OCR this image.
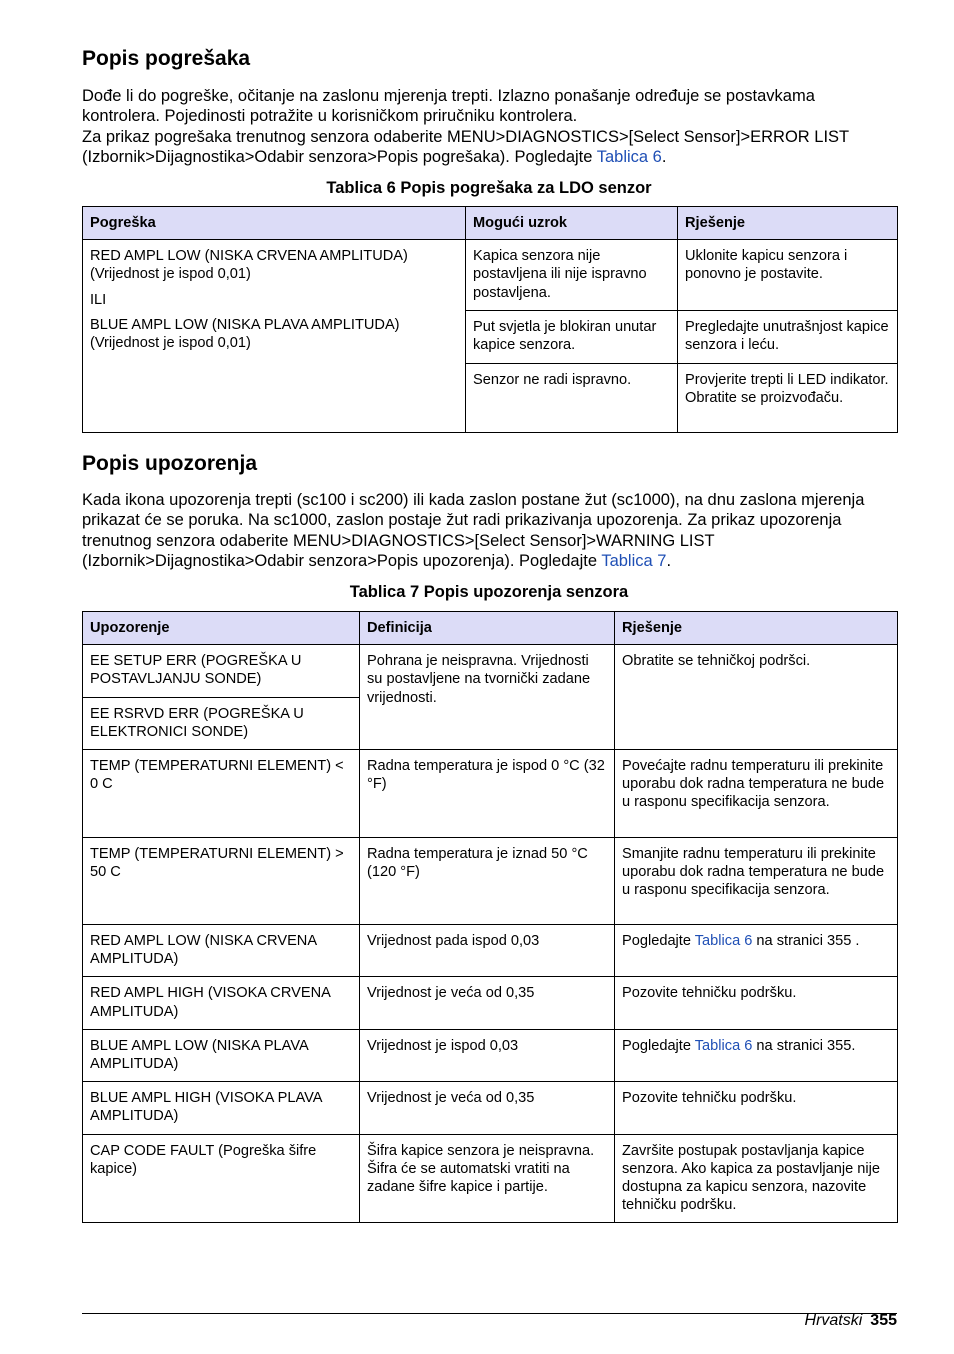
Popis pogrešaka

Dođe li do pogreške, očitanje na zaslonu mjerenja trepti. Izlazno ponašanje određuje se postavkama kontrolera. Pojedinosti potražite u korisničkom priručniku kontrolera.

Za prikaz pogrešaka trenutnog senzora odaberite MENU>DIAGNOSTICS>[Select Sensor]>ERROR LIST (Izbornik>Dijagnostika>Odabir senzora>Popis pogrešaka). Pogledajte Tablica 6.

Tablica 6 Popis pogrešaka za LDO senzor
Pogreška	Mogući uzrok	Rješenje

RED AMPL LOW (NISKA CRVENA AMPLITUDA) (Vrijednost je ispod 0,01)

ILI

BLUE AMPL LOW (NISKA PLAVA AMPLITUDA) (Vrijednost je ispod 0,01)	Kapica senzora nije postavljena ili nije ispravno postavljena.	Uklonite kapicu senzora i ponovno je postavite.
	Put svjetla je blokiran unutar kapice senzora.	Pregledajte unutrašnjost kapice senzora i leću.
	Senzor ne radi ispravno.	Provjerite trepti li LED indikator. Obratite se proizvođaču.
Popis upozorenja

Kada ikona upozorenja trepti (sc100 i sc200) ili kada zaslon postane žut (sc1000), na dnu zaslona mjerenja prikazat će se poruka. Na sc1000, zaslon postaje žut radi prikazivanja upozorenja. Za prikaz upozorenja trenutnog senzora odaberite MENU>DIAGNOSTICS>[Select Sensor]>WARNING LIST (Izbornik>Dijagnostika>Odabir senzora>Popis upozorenja). Pogledajte Tablica 7.

Tablica 7 Popis upozorenja senzora
Upozorenje	Definicija	Rješenje
EE SETUP ERR (POGREŠKA U POSTAVLJANJU SONDE)	Pohrana je neispravna. Vrijednosti su postavljene na tvornički zadane vrijednosti.	Obratite se tehničkoj podršci.
EE RSRVD ERR (POGREŠKA U ELEKTRONICI SONDE)		
TEMP (TEMPERATURNI ELEMENT) < 0 C	Radna temperatura je ispod 0 °C (32 °F)	Povećajte radnu temperaturu ili prekinite uporabu dok radna temperatura ne bude u rasponu specifikacija senzora.
TEMP (TEMPERATURNI ELEMENT) > 50 C	Radna temperatura je iznad 50 °C (120 °F)	Smanjite radnu temperaturu ili prekinite uporabu dok radna temperatura ne bude u rasponu specifikacija senzora.
RED AMPL LOW (NISKA CRVENA AMPLITUDA)	Vrijednost pada ispod 0,03	Pogledajte Tablica 6 na stranici 355 .
RED AMPL HIGH (VISOKA CRVENA AMPLITUDA)	Vrijednost je veća od 0,35	Pozovite tehničku podršku.
BLUE AMPL LOW (NISKA PLAVA AMPLITUDA)	Vrijednost je ispod 0,03	Pogledajte Tablica 6 na stranici 355.
BLUE AMPL HIGH (VISOKA PLAVA AMPLITUDA)	Vrijednost je veća od 0,35	Pozovite tehničku podršku.
CAP CODE FAULT (Pogreška šifre kapice)	Šifra kapice senzora je neispravna. Šifra će se automatski vratiti na zadane šifre kapice i partije.	Završite postupak postavljanja kapice senzora. Ako kapica za postavljanje nije dostupna za kapicu senzora, nazovite tehničku podršku.
Hrvatski 355
